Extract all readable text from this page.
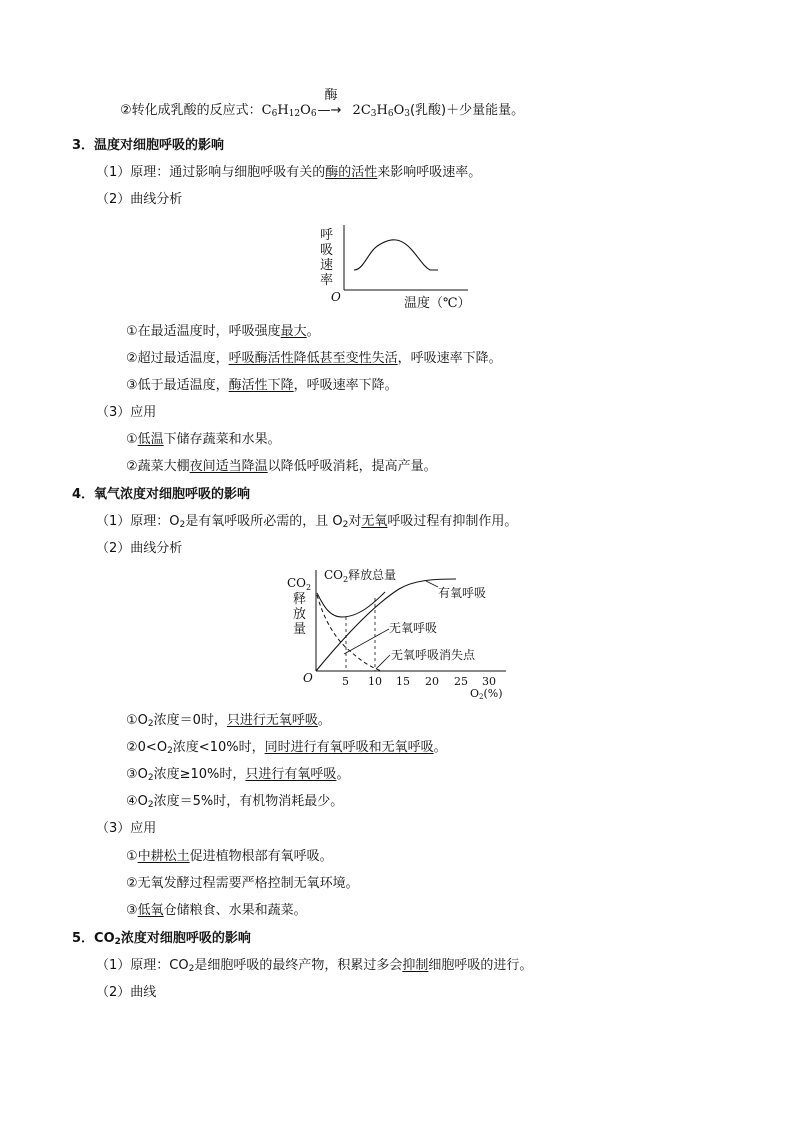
②转化成乳酸的反应式：$C_6H_{12}O_6$
酶
—→ $2C_3H_6O_3$(乳酸)＋少量能量。
3．温度对细胞呼吸的影响
（1）原理：通过影响与细胞呼吸有关的酶的活性来影响呼吸速率。
（2）曲线分析
呼
吸
速
率
O	温度（℃）
①在最适温度时，呼吸强度最大。
②超过最适温度，呼吸酶活性降低甚至变性失活，呼吸速率下降。
③低于最适温度，酶活性下降，呼吸速率下降。
（3）应用
①低温下储存蔬菜和水果。
②蔬菜大棚夜间适当降温以降低呼吸消耗，提高产量。
4．氧气浓度对细胞呼吸的影响
（1）原理：$O_2$是有氧呼吸所必需的，且 $O_2$对无氧呼吸过程有抑制作用。
（2）曲线分析
$CO_2$
释
放
量
$CO_2$释放总量
有氧呼吸
无氧呼吸
无氧呼吸消失点
O	5 10 15 20 25 30
O2(%)
$①O_2$浓度＝0时，只进行无氧呼吸。
$②0<O_2$浓度<10%时，同时进行有氧呼吸和无氧呼吸。
$③O_2$浓度≥10%时，只进行有氧呼吸。
$④O_2$浓度＝5%时，有机物消耗最少。
（3）应用
①中耕松土促进植物根部有氧呼吸。
②无氧发酵过程需要严格控制无氧环境。
③低氧仓储粮食、水果和蔬菜。
5．$CO_2$浓度对细胞呼吸的影响
（1）原理：$CO_2$是细胞呼吸的最终产物，积累过多会抑制细胞呼吸的进行。
（2）曲线
